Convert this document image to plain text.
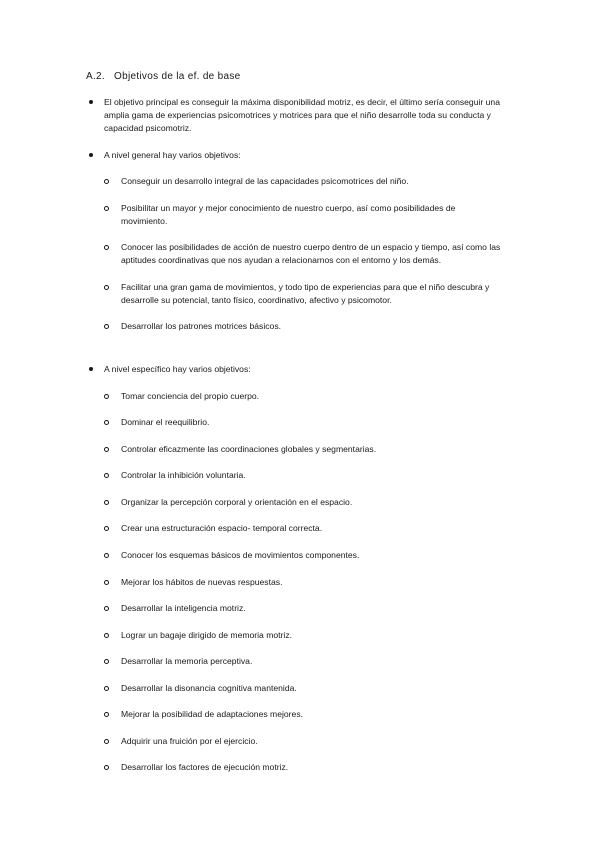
A.2. Objetivos de la ef. de base
El objetivo principal es conseguir la máxima disponibilidad motriz, es decir, el último sería conseguir una amplia gama de experiencias psicomotrices y motrices para que el niño desarrolle toda su conducta y capacidad psicomotriz.
A nivel general hay varios objetivos:
A nivel específico hay varios objetivos:
Conseguir un desarrollo integral de las capacidades psicomotrices del niño.
Posibilitar un mayor y mejor conocimiento de nuestro cuerpo, así como posibilidades de movimiento.
Conocer las posibilidades de acción de nuestro cuerpo dentro de un espacio y tiempo, así como las aptitudes coordinativas que nos ayudan a relacionarnos con el entorno y los demás.
Facilitar una gran gama de movimientos, y todo tipo de experiencias para que el niño descubra y desarrolle su potencial, tanto físico, coordinativo, afectivo y psicomotor.
Desarrollar los patrones motrices básicos.
Tomar conciencia del propio cuerpo.
Dominar el reequilibrio.
Controlar eficazmente las coordinaciones globales y segmentarias.
Controlar la inhibición voluntaria.
Organizar la percepción corporal y orientación en el espacio.
Crear una estructuración espacio- temporal correcta.
Conocer los esquemas básicos de movimientos componentes.
Mejorar los hábitos de nuevas respuestas.
Desarrollar la inteligencia motriz.
Lograr un bagaje dirigido de memoria motriz.
Desarrollar la memoria perceptiva.
Desarrollar la disonancia cognitiva mantenida.
Mejorar la posibilidad de adaptaciones mejores.
Adquirir una fruición por el ejercicio.
Desarrollar los factores de ejecución motriz.
